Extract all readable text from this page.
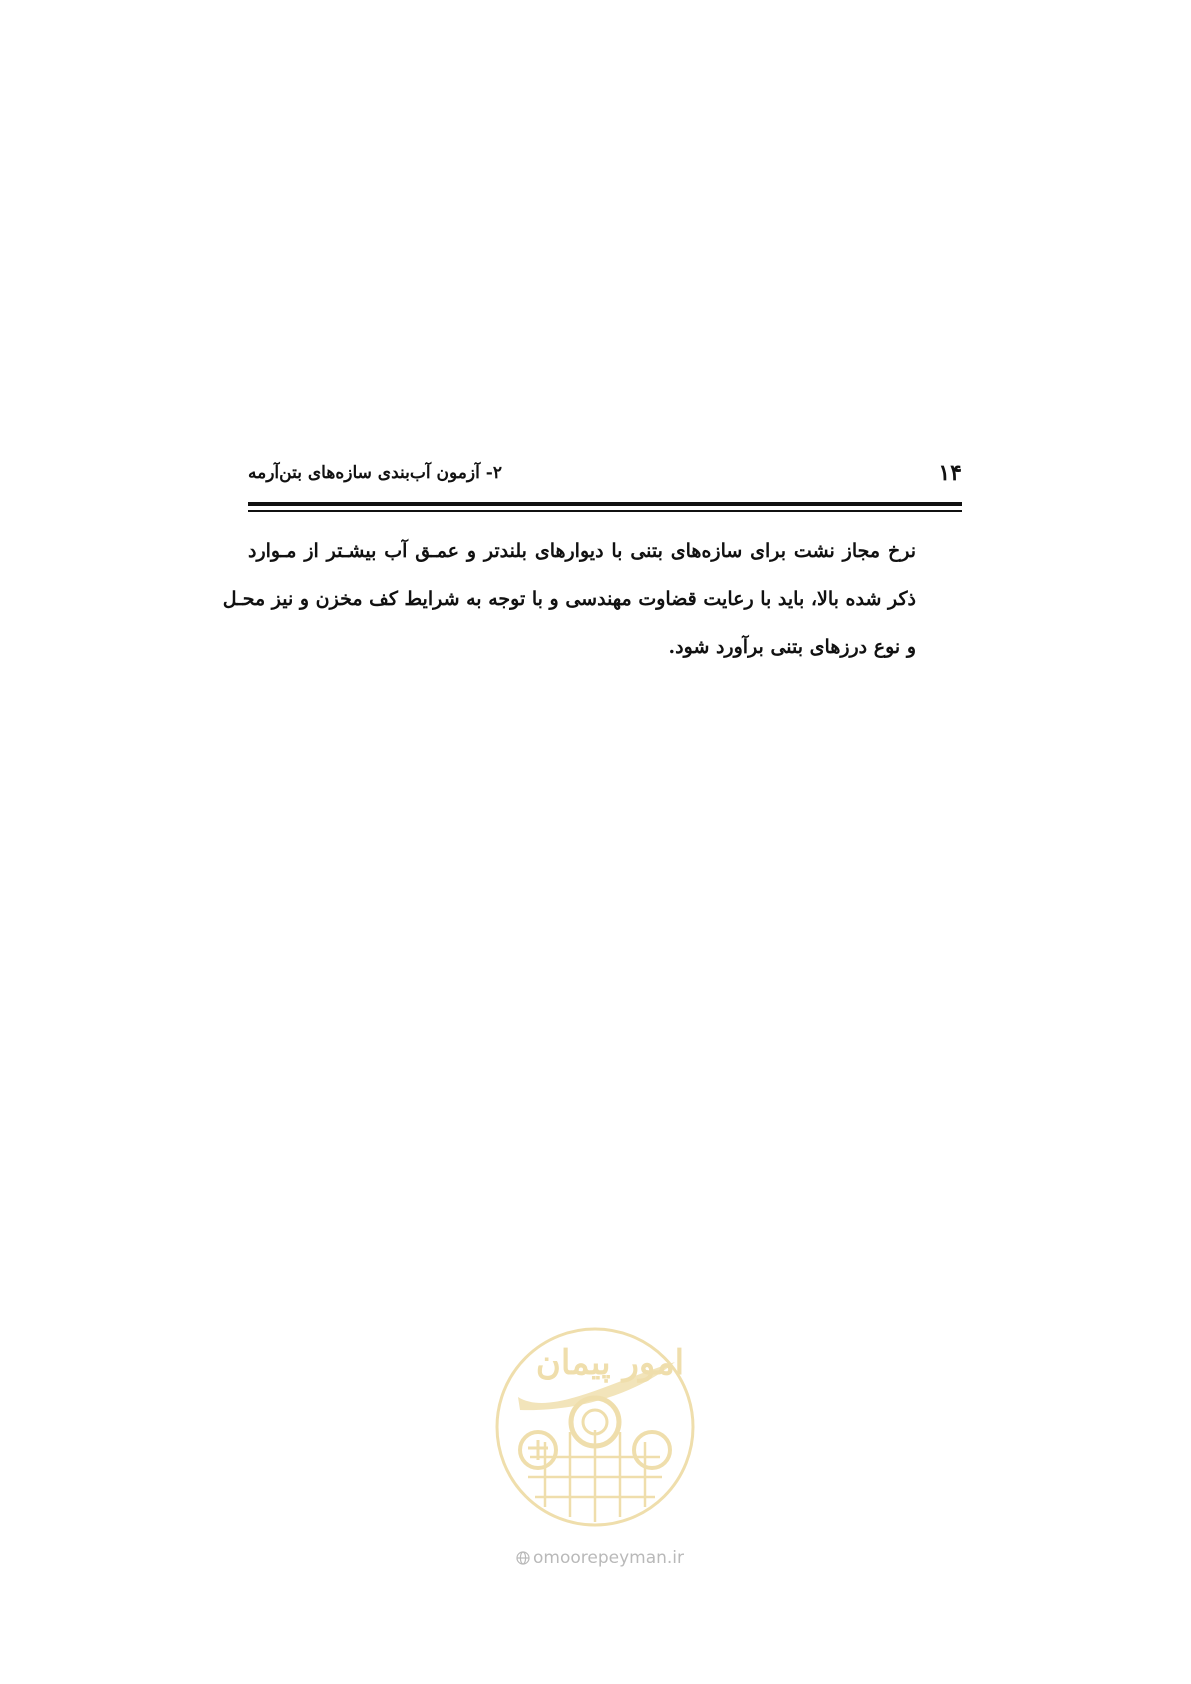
۱۴
۲- آزمون آب‌بندی سازه‌های بتن‌آرمه
نرخ مجاز نشت برای سازه‌های بتنی با دیوارهای بلندتر و عمـق آب بیشـتر از مـوارد
ذکر شده بالا، باید با رعایت قضاوت مهندسی و با توجه به شرایط کف مخزن و نیز محـل
و نوع درزهای بتنی برآورد شود.
امور پیمان
omoorepeyman.ir
